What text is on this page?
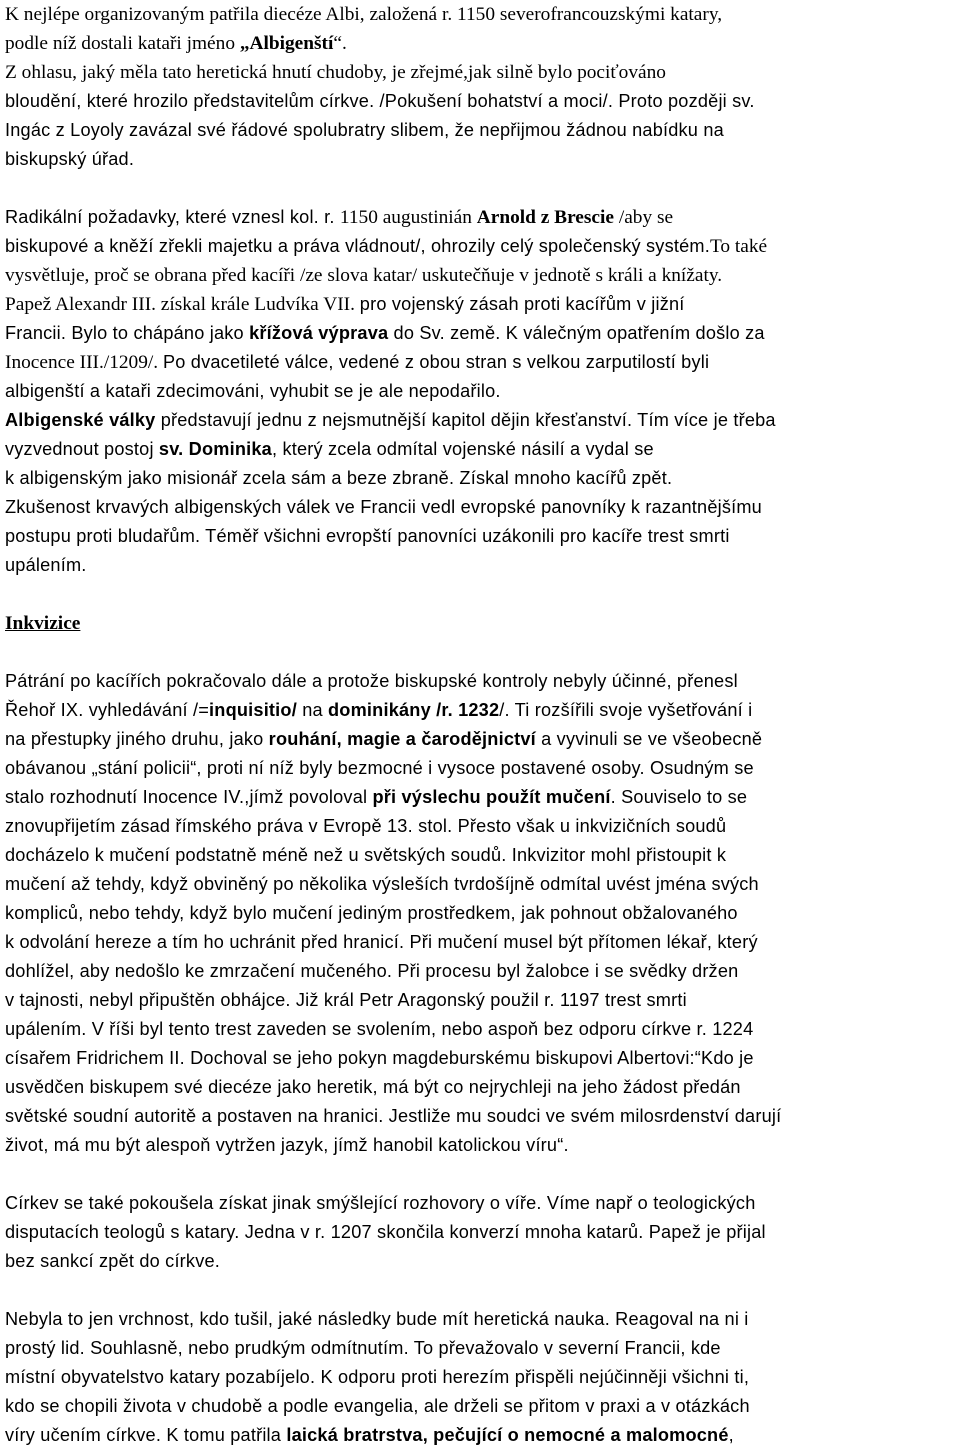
K nejlépe organizovaným patřila diecéze Albi, založená r. 1150 severofrancouzskými katary,
podle níž dostali kataři jméno „Albigenští“.
Z ohlasu, jaký měla tato heretická hnutí chudoby, je zřejmé,jak silně bylo pociťováno
bloudění, které hrozilo představitelům církve. /Pokušení bohatství a moci/. Proto později sv.
Ingác z Loyoly zavázal své řádové spolubratry slibem, že nepřijmou žádnou nabídku na
biskupský úřad.
Radikální požadavky, které vznesl kol. r. 1150 augustinián Arnold z Brescie /aby se
biskupové a kněží zřekli majetku a práva vládnout/, ohrozily celý společenský systém.To také
vysvětluje, proč se obrana před kacíři /ze slova katar/ uskutečňuje v jednotě s králi a knížaty.
Papež Alexandr III. získal krále Ludvíka VII. pro vojenský zásah proti kacířům v jižní
Francii. Bylo to chápáno jako křížová výprava do Sv. země. K válečným opatřením došlo za
Inocence III./1209/. Po dvacetileté válce, vedené z obou stran s velkou zarputilostí byli
albigenští a kataři zdecimováni, vyhubit se je ale nepodařilo.
Albigenské války představují jednu z nejsmutnější kapitol dějin křesťanství. Tím více je třeba
vyzvednout postoj sv. Dominika, který zcela odmítal vojenské násilí a vydal se
k albigenským jako misionář zcela sám a beze zbraně. Získal mnoho kacířů zpět.
Zkušenost krvavých albigenských válek ve Francii vedl evropské panovníky k razantnějšímu
postupu proti bludařům. Téměř všichni evropští panovníci uzákonili pro kacíře trest smrti
upálením.
Inkvizice
Pátrání po kacířích pokračovalo dále a protože biskupské kontroly nebyly účinné, přenesl
Řehoř IX. vyhledávání /=inquisitio/ na dominikány /r. 1232/. Ti rozšířili svoje vyšetřování i
na přestupky jiného druhu, jako rouhání, magie a čarodějnictví a vyvinuli se ve všeobecně
obávanou „stání policii“, proti ní níž byly bezmocné i vysoce postavené osoby. Osudným se
stalo rozhodnutí Inocence IV.,jímž povoloval při výslechu použít mučení. Souviselo to se
znovupřijetím zásad římského práva v Evropě 13. stol. Přesto však u inkvizičních soudů
docházelo k mučení podstatně méně než u světských soudů. Inkvizitor mohl přistoupit k
mučení až tehdy, když obviněný po několika výsleších tvrdošíjně odmítal uvést jména svých
kompliců, nebo tehdy, když bylo mučení jediným prostředkem, jak pohnout obžalovaného
k odvolání hereze a tím ho uchránit před hranicí. Při mučení musel být přítomen lékař, který
dohlížel, aby nedošlo ke zmrzačení mučeného. Při procesu byl žalobce i se svědky držen
v tajnosti, nebyl připuštěn obhájce. Již král Petr Aragonský použil r. 1197 trest smrti
upálením. V říši byl tento trest zaveden se svolením, nebo aspoň bez odporu církve r. 1224
císařem Fridrichem II. Dochoval se jeho pokyn magdeburskému biskupovi Albertovi:“Kdo je
usvědčen biskupem své diecéze jako heretik, má být co nejrychleji na jeho žádost předán
světské soudní autoritě a postaven na hranici. Jestliže mu soudci ve svém milosrdenství darují
život, má mu být alespoň vytržen jazyk, jímž hanobil katolickou víru“.
Církev se také pokoušela získat jinak smýšlející rozhovory o víře. Víme např o teologických
disputacích teologů s katary. Jedna v r. 1207 skončila konverzí mnoha katarů. Papež je přijal
bez sankcí zpět do církve.
Nebyla to jen vrchnost, kdo tušil, jaké následky bude mít heretická nauka. Reagoval na ni i
prostý lid. Souhlasně, nebo prudkým odmítnutím. To převažovalo v severní Francii, kde
místní obyvatelstvo katary pozabíjelo. K odporu proti herezím přispěli nejúčinněji všichni ti,
kdo se chopili života v chudobě a podle evangelia, ale drželi se přitom v praxi a v otázkách
víry učením církve. K tomu patřila laická bratrstva, pečující o nemocné a malomocné,
